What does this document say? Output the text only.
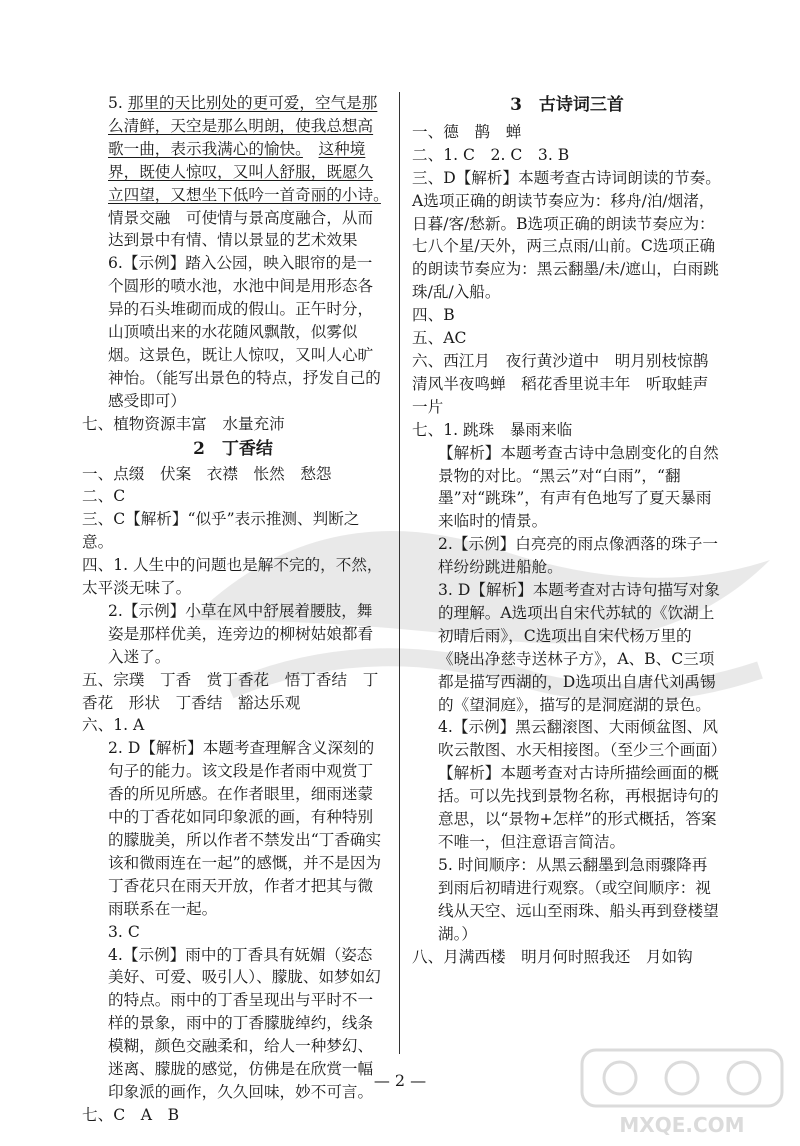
5. 那里的天比别处的更可爱，空气是那么清鲜，天空是那么明朗，使我总想高歌一曲，表示我满心的愉快。　 这种境界，既使人惊叹，又叫人舒服，既愿久立四望，又想坐下低吟一首奇丽的小诗。　情景交融　可使情与景高度融合，从而达到景中有情、情以景显的艺术效果

6.【示例】踏入公园，映入眼帘的是一个圆形的喷水池，水池中间是用形态各异的石头堆砌而成的假山。正午时分，山顶喷出来的水花随风飘散，似雾似烟。这景色，既让人惊叹，又叫人心旷神怡。（能写出景色的特点，抒发自己的感受即可）

七、植物资源丰富　水量充沛

2　丁香结

一、点缀　伏案　衣襟　怅然　愁怨

二、C

三、C【解析】“似乎”表示推测、判断之意。

四、1. 人生中的问题也是解不完的，不然，太平淡无味了。

2.【示例】小草在风中舒展着腰肢，舞姿是那样优美，连旁边的柳树姑娘都看入迷了。

五、宗璞　丁香　赏丁香花　悟丁香结　丁香花　形状　丁香结　豁达乐观

六、1. A

2. D【解析】本题考查理解含义深刻的句子的能力。该文段是作者雨中观赏丁香的所见所感。在作者眼里，细雨迷蒙中的丁香花如同印象派的画，有种特别的朦胧美，所以作者不禁发出“丁香确实该和微雨连在一起”的感慨，并不是因为丁香花只在雨天开放，作者才把其与微雨联系在一起。

3. C

4.【示例】雨中的丁香具有妩媚（姿态美好、可爱、吸引人）、朦胧、如梦如幻的特点。雨中的丁香呈现出与平时不一样的景象，雨中的丁香朦胧绰约，线条模糊，颜色交融柔和，给人一种梦幻、迷离、朦胧的感觉，仿佛是在欣赏一幅印象派的画作，久久回味，妙不可言。

七、C　A　B

3　古诗词三首

一、德　鹊　蝉

二、1. C　2. C　3. B

三、D【解析】本题考查古诗词朗读的节奏。A选项正确的朗读节奏应为：移舟/泊/烟渚，日暮/客/愁新。B选项正确的朗读节奏应为：七八个星/天外，两三点雨/山前。C选项正确的朗读节奏应为：黑云翻墨/未/遮山，白雨跳珠/乱/入船。

四、B

五、AC

六、西江月　夜行黄沙道中　明月别枝惊鹊　清风半夜鸣蝉　稻花香里说丰年　听取蛙声一片

七、1. 跳珠　暴雨来临

【解析】本题考查古诗中急剧变化的自然景物的对比。“黑云”对“白雨”，“翻墨”对“跳珠”，有声有色地写了夏天暴雨来临时的情景。

2.【示例】白亮亮的雨点像洒落的珠子一样纷纷跳进船舱。

3. D【解析】本题考查对古诗句描写对象的理解。A选项出自宋代苏轼的《饮湖上初晴后雨》，C选项出自宋代杨万里的《晓出净慈寺送林子方》，A、B、C三项都是描写西湖的，D选项出自唐代刘禹锡的《望洞庭》，描写的是洞庭湖的景色。

4.【示例】黑云翻滚图、大雨倾盆图、风吹云散图、水天相接图。（至少三个画面）

【解析】本题考查对古诗所描绘画面的概括。可以先找到景物名称，再根据诗句的意思，以“景物+怎样”的形式概括，答案不唯一，但注意语言简洁。

5. 时间顺序：从黑云翻墨到急雨骤降再到雨后初晴进行观察。（或空间顺序：视线从天空、远山至雨珠、船头再到登楼望湖。）

八、月满西楼　明月何时照我还　月如钩

— 2 —
MXQE.COM
